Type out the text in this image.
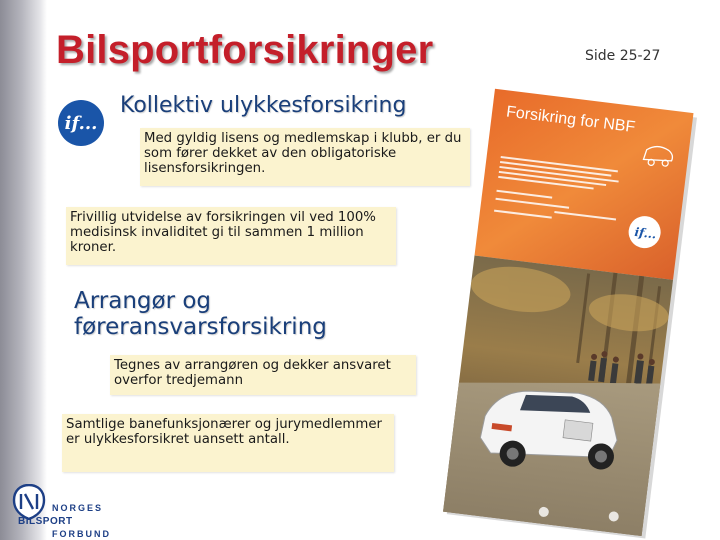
Bilsportforsikringer	Side 25-27
if...
Kollektiv ulykkesforsikring
Med gyldig lisens og medlemskap i klubb, er du som fører dekket av den obligatoriske lisensforsikringen.
Frivillig utvidelse av forsikringen vil ved 100% medisinsk invaliditet gi til sammen 1 million kroner.
Arrangør og føreransvarsforsikring
Tegnes av arrangøren og dekker ansvaret overfor tredjemann
Samtlige banefunksjonærer og jurymedlemmer er ulykkesforsikret uansett antall.
Forsikring for NBF
if...
NORGES
BILSPORT
FORBUND
